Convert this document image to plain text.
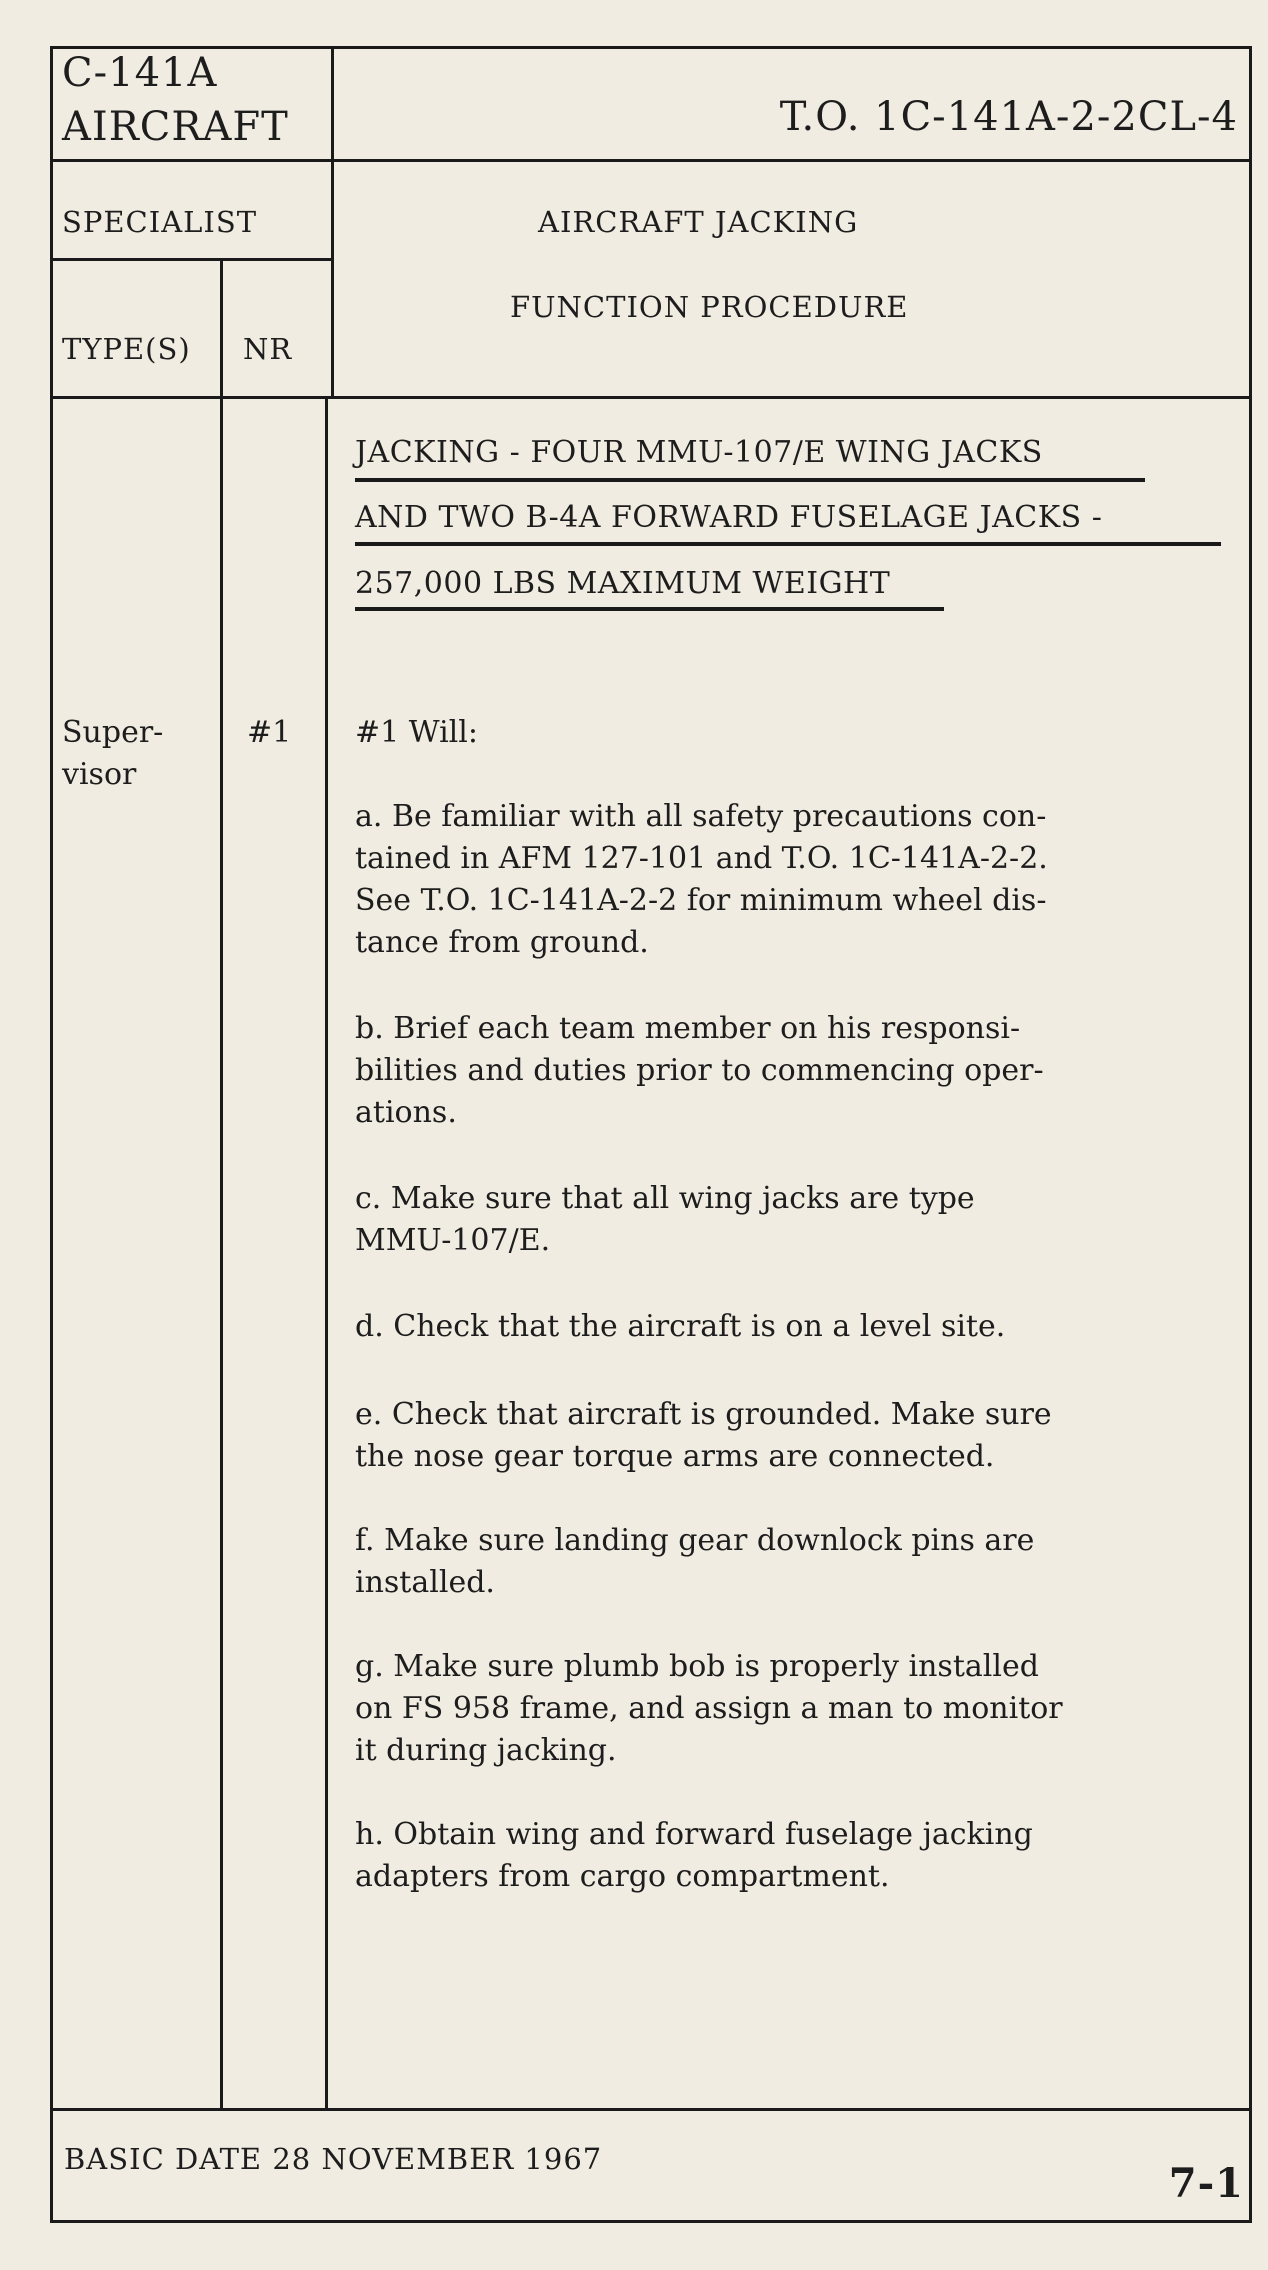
C-141A
AIRCRAFT	T.O. 1C-141A-2-2CL-4
SPECIALIST	AIRCRAFT JACKING
FUNCTION PROCEDURE
TYPE(S) NR
JACKING - FOUR MMU-107/E WING JACKS
AND TWO B-4A FORWARD FUSELAGE JACKS -
257,000 LBS MAXIMUM WEIGHT
Super-
visor
#1 #1 Will:
a. Be familiar with all safety precautions con-
tained in AFM 127-101 and T.O. 1C-141A-2-2.
See T.O. 1C-141A-2-2 for minimum wheel dis-
tance from ground.
b. Brief each team member on his responsi-
bilities and duties prior to commencing oper-
ations.
c. Make sure that all wing jacks are type
MMU-107/E.
d. Check that the aircraft is on a level site.
e. Check that aircraft is grounded. Make sure
the nose gear torque arms are connected.
f. Make sure landing gear downlock pins are
installed.
g. Make sure plumb bob is properly installed
on FS 958 frame, and assign a man to monitor
it during jacking.
h. Obtain wing and forward fuselage jacking
adapters from cargo compartment.
BASIC DATE 28 NOVEMBER 1967
7-1
